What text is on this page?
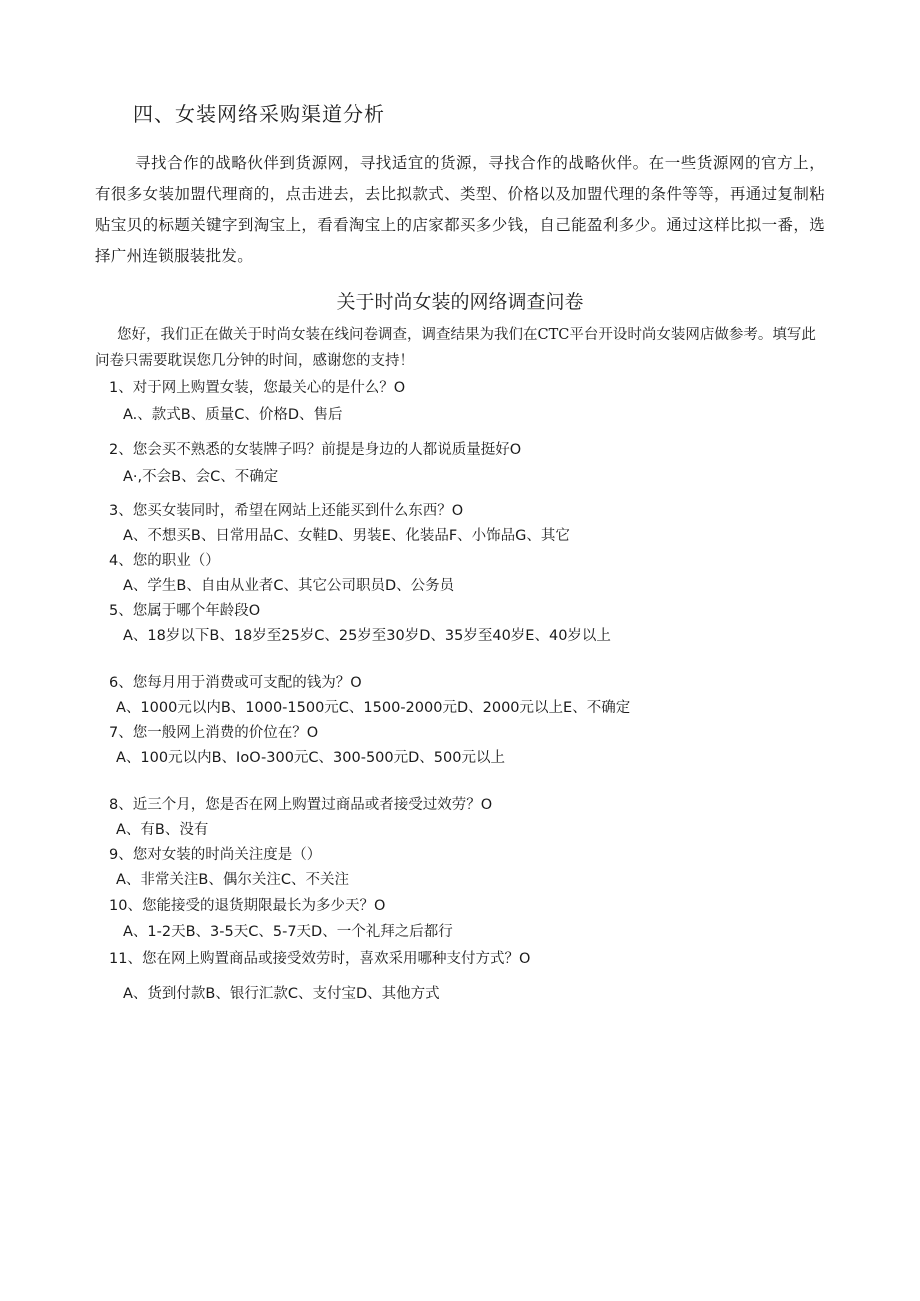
四、女装网络采购渠道分析
寻找合作的战略伙伴到货源网，寻找适宜的货源，寻找合作的战略伙伴。在一些货源网的官方上，有很多女装加盟代理商的，点击进去，去比拟款式、类型、价格以及加盟代理的条件等等，再通过复制粘贴宝贝的标题关键字到淘宝上，看看淘宝上的店家都买多少钱，自己能盈利多少。通过这样比拟一番，选择广州连锁服装批发。
关于时尚女装的网络调查问卷
您好，我们正在做关于时尚女装在线问卷调查，调查结果为我们在CTC平台开设时尚女装网店做参考。填写此问卷只需要耽误您几分钟的时间，感谢您的支持！
1、对于网上购置女装，您最关心的是什么？O
A.、款式B、质量C、价格D、售后
2、您会买不熟悉的女装牌子吗？前提是身边的人都说质量挺好O
A·,不会B、会C、不确定
3、您买女装同时，希望在网站上还能买到什么东西？O
A、不想买B、日常用品C、女鞋D、男装E、化装品F、小饰品G、其它
4、您的职业（）
A、学生B、自由从业者C、其它公司职员D、公务员
5、您属于哪个年龄段O
A、18岁以下B、18岁至25岁C、25岁至30岁D、35岁至40岁E、40岁以上
6、您每月用于消费或可支配的钱为？O
A、1000元以内B、1000-1500元C、1500-2000元D、2000元以上E、不确定
7、您一般网上消费的价位在？O
A、100元以内B、IoO-300元C、300-500元D、500元以上
8、近三个月，您是否在网上购置过商品或者接受过效劳？O
A、有B、没有
9、您对女装的时尚关注度是（）
A、非常关注B、偶尔关注C、不关注
10、您能接受的退货期限最长为多少天？O
A、1-2天B、3-5天C、5-7天D、一个礼拜之后都行
11、您在网上购置商品或接受效劳时，喜欢采用哪种支付方式？O
A、货到付款B、银行汇款C、支付宝D、其他方式
